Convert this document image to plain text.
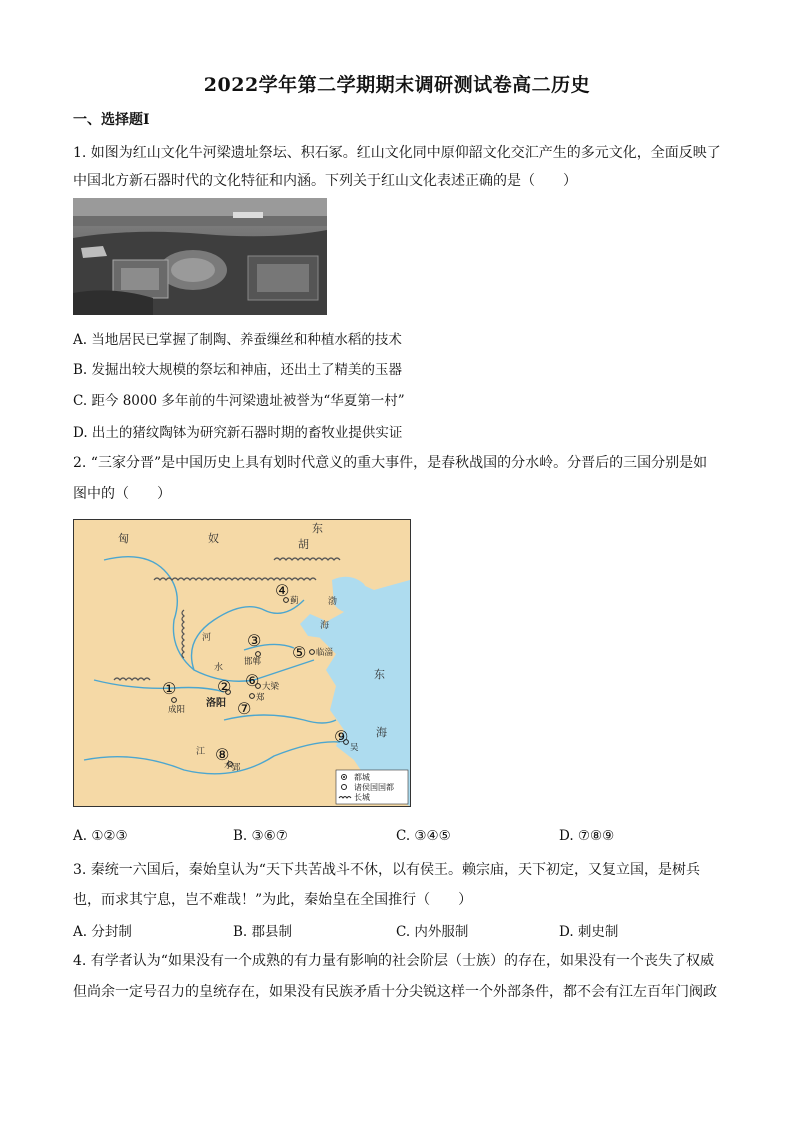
2022学年第二学期期末调研测试卷高二历史
一、选择题Ⅰ
1. 如图为红山文化牛河梁遗址祭坛、积石冢。红山文化同中原仰韶文化交汇产生的多元文化，全面反映了
中国北方新石器时代的文化特征和内涵。下列关于红山文化表述正确的是（　　）
A. 当地居民已掌握了制陶、养蚕缫丝和种植水稻的技术
B. 发掘出较大规模的祭坛和神庙，还出土了精美的玉器
C. 距今 8000 多年前的牛河梁遗址被誉为“华夏第一村”
D. 出土的猪纹陶钵为研究新石器时期的畜牧业提供实证
2. “三家分晋”是中国历史上具有划时代意义的重大事件，是春秋战国的分水岭。分晋后的三国分别是如
图中的（　　）
匈	奴
东
胡
渤
海
东
海
河
水
江
水
①	②
③
④
⑤
⑥
⑦
⑧
⑨
蓟
邯郸
临淄
成阳
洛阳
大梁
郑
郢
吴
都城
诸侯国国都
长城
A. ①②③	B. ③⑥⑦	C. ③④⑤	D. ⑦⑧⑨
3. 秦统一六国后，秦始皇认为“天下共苦战斗不休，以有侯王。赖宗庙，天下初定，又复立国，是树兵
也，而求其宁息，岂不难哉！”为此，秦始皇在全国推行（　　）
A. 分封制	B. 郡县制	C. 内外服制	D. 刺史制
4. 有学者认为“如果没有一个成熟的有力量有影响的社会阶层（士族）的存在，如果没有一个丧失了权威
但尚余一定号召力的皇统存在，如果没有民族矛盾十分尖锐这样一个外部条件，都不会有江左百年门阀政
